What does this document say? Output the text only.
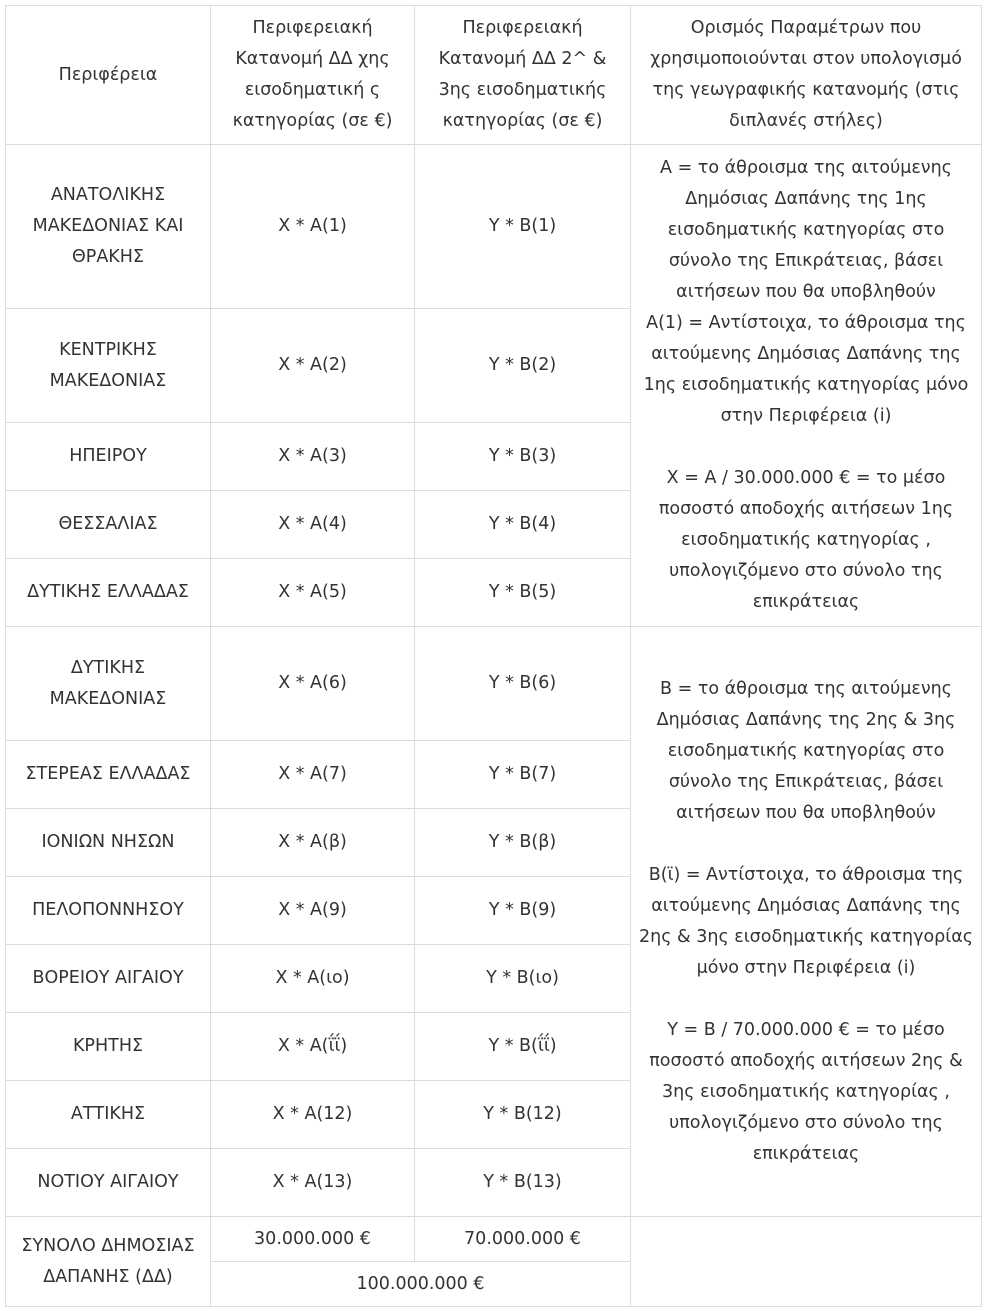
Περιφέρεια	Περιφερειακή Κατανομή ΔΔ χης εισοδηματική ς κατηγορίας (σε €)	Περιφερειακή Κατανομή ΔΔ 2^ & 3ης εισοδηματικής κατηγορίας (σε €)	Ορισμός Παραμέτρων που χρησιμοποιούνται στον υπολογισμό της γεωγραφικής κατανομής (στις διπλανές στήλες)
ΑΝΑΤΟΛΙΚΗΣ ΜΑΚΕΔΟΝΙΑΣ ΚΑΙ ΘΡΑΚΗΣ	X * Α(1)	Υ * Β(1)	Α = το άθροισμα της αιτούμενης Δημόσιας Δαπάνης της 1ης εισοδηματικής κατηγορίας στο σύνολο της Επικράτειας, βάσει αιτήσεων που θα υποβληθούν
Α(1) = Αντίστοιχα, το άθροισμα της αιτούμενης Δημόσιας Δαπάνης της 1ης εισοδηματικής κατηγορίας μόνο στην Περιφέρεια (i)
Χ = Α / 30.000.000 € = το μέσο ποσοστό αποδοχής αιτήσεων 1ης εισοδηματικής κατηγορίας , υπολογιζόμενο στο σύνολο της επικράτειας

ΚΕΝΤΡΙΚΗΣ ΜΑΚΕΔΟΝΙΑΣ	X * Α(2)	Υ * Β(2)	
ΗΠΕΙΡΟΥ	X * Α(3)	Υ * Β(3)	
ΘΕΣΣΑΛΙΑΣ	X * Α(4)	Υ * Β(4)	
ΔΥΤΙΚΗΣ ΕΛΛΑΔΑΣ	X * Α(5)	Υ * Β(5)	
ΔΥΤΙΚΗΣ ΜΑΚΕΔΟΝΙΑΣ	X * Α(6)	Υ * Β(6)	Β = το άθροισμα της αιτούμενης Δημόσιας Δαπάνης της 2ης & 3ης εισοδηματικής κατηγορίας στο σύνολο της Επικράτειας, βάσει αιτήσεων που θα υποβληθούν
Β(ϊ) = Αντίστοιχα, το άθροισμα της αιτούμενης Δημόσιας Δαπάνης της 2ης & 3ης εισοδηματικής κατηγορίας μόνο στην Περιφέρεια (i)
Υ = Β / 70.000.000 € = το μέσο ποσοστό αποδοχής αιτήσεων 2ης & 3ης εισοδηματικής κατηγορίας , υπολογιζόμενο στο σύνολο της επικράτειας

ΣΤΕΡΕΑΣ ΕΛΛΑΔΑΣ	X * Α(7)	Υ * Β(7)	
ΙΟΝΙΩΝ ΝΗΣΩΝ	X * Α(β)	Υ * Β(β)	
ΠΕΛΟΠΟΝΝΗΣΟΥ	X * Α(9)	Υ * Β(9)	
ΒΟΡΕΙΟΥ ΑΙΓΑΙΟΥ	X * Α(ιο)	Υ * Β(ιο)	
ΚΡΗΤΗΣ	X * Α(ΐΐ)	Υ * Β(ΐΐ)	
ΑΤΤΙΚΗΣ	X * Α(12)	Υ * Β(12)	
ΝΟΤΙΟΥ ΑΙΓΑΙΟΥ	X * Α(13)	Υ * Β(13)	
ΣΥΝΟΛΟ ΔΗΜΟΣΙΑΣ ΔΑΠΑΝΗΣ (ΔΔ)	30.000.000 €	70.000.000 €	
	100.000.000 €		
